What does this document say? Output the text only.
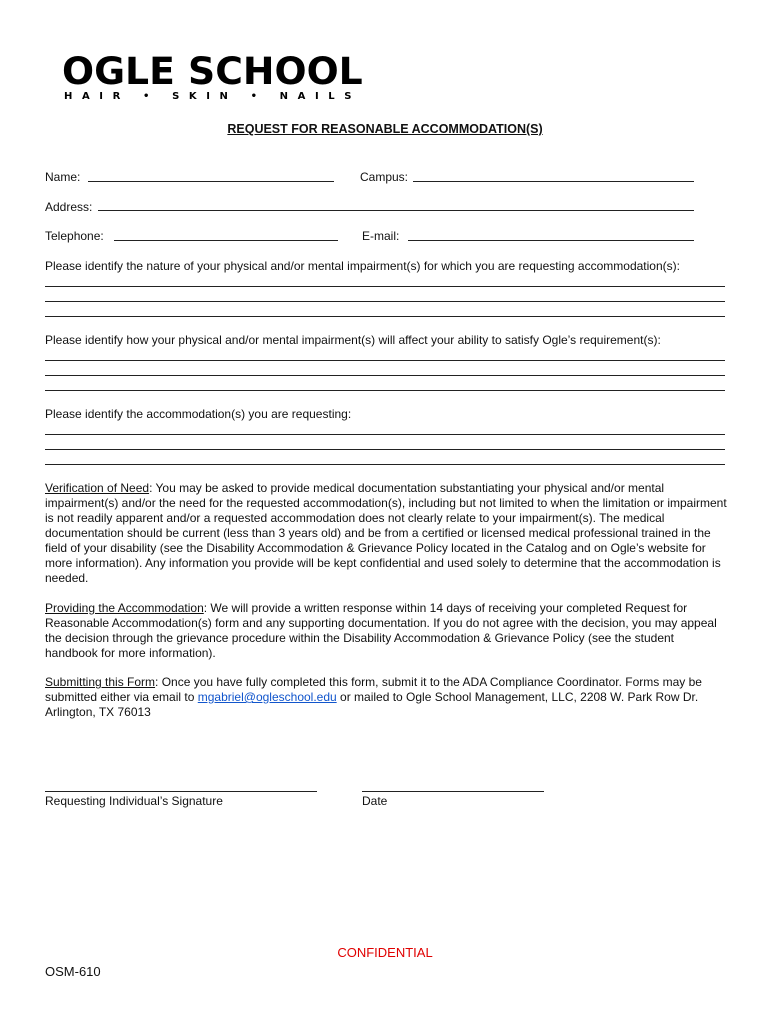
OGLE SCHOOL
HAIR • SKIN • NAILS
REQUEST FOR REASONABLE ACCOMMODATION(S)
Name:	Campus:
Address:
Telephone:	E-mail:
Please identify the nature of your physical and/or mental impairment(s) for which you are requesting accommodation(s):
Please identify how your physical and/or mental impairment(s) will affect your ability to satisfy Ogle’s requirement(s):
Please identify the accommodation(s) you are requesting:
Verification of Need: You may be asked to provide medical documentation substantiating your physical and/or mental impairment(s) and/or the need for the requested accommodation(s), including but not limited to when the limitation or impairment is not readily apparent and/or a requested accommodation does not clearly relate to your impairment(s). The medical documentation should be current (less than 3 years old) and be from a certified or licensed medical professional trained in the field of your disability (see the Disability Accommodation & Grievance Policy located in the Catalog and on Ogle’s website for more information). Any information you provide will be kept confidential and used solely to determine that the accommodation is needed.
Providing the Accommodation: We will provide a written response within 14 days of receiving your completed Request for Reasonable Accommodation(s) form and any supporting documentation. If you do not agree with the decision, you may appeal the decision through the grievance procedure within the Disability Accommodation & Grievance Policy (see the student handbook for more information).
Submitting this Form: Once you have fully completed this form, submit it to the ADA Compliance Coordinator. Forms may be submitted either via email to mgabriel@ogleschool.edu or mailed to Ogle School Management, LLC, 2208 W. Park Row Dr. Arlington, TX 76013
Requesting Individual’s Signature	Date
CONFIDENTIAL
OSM-610
